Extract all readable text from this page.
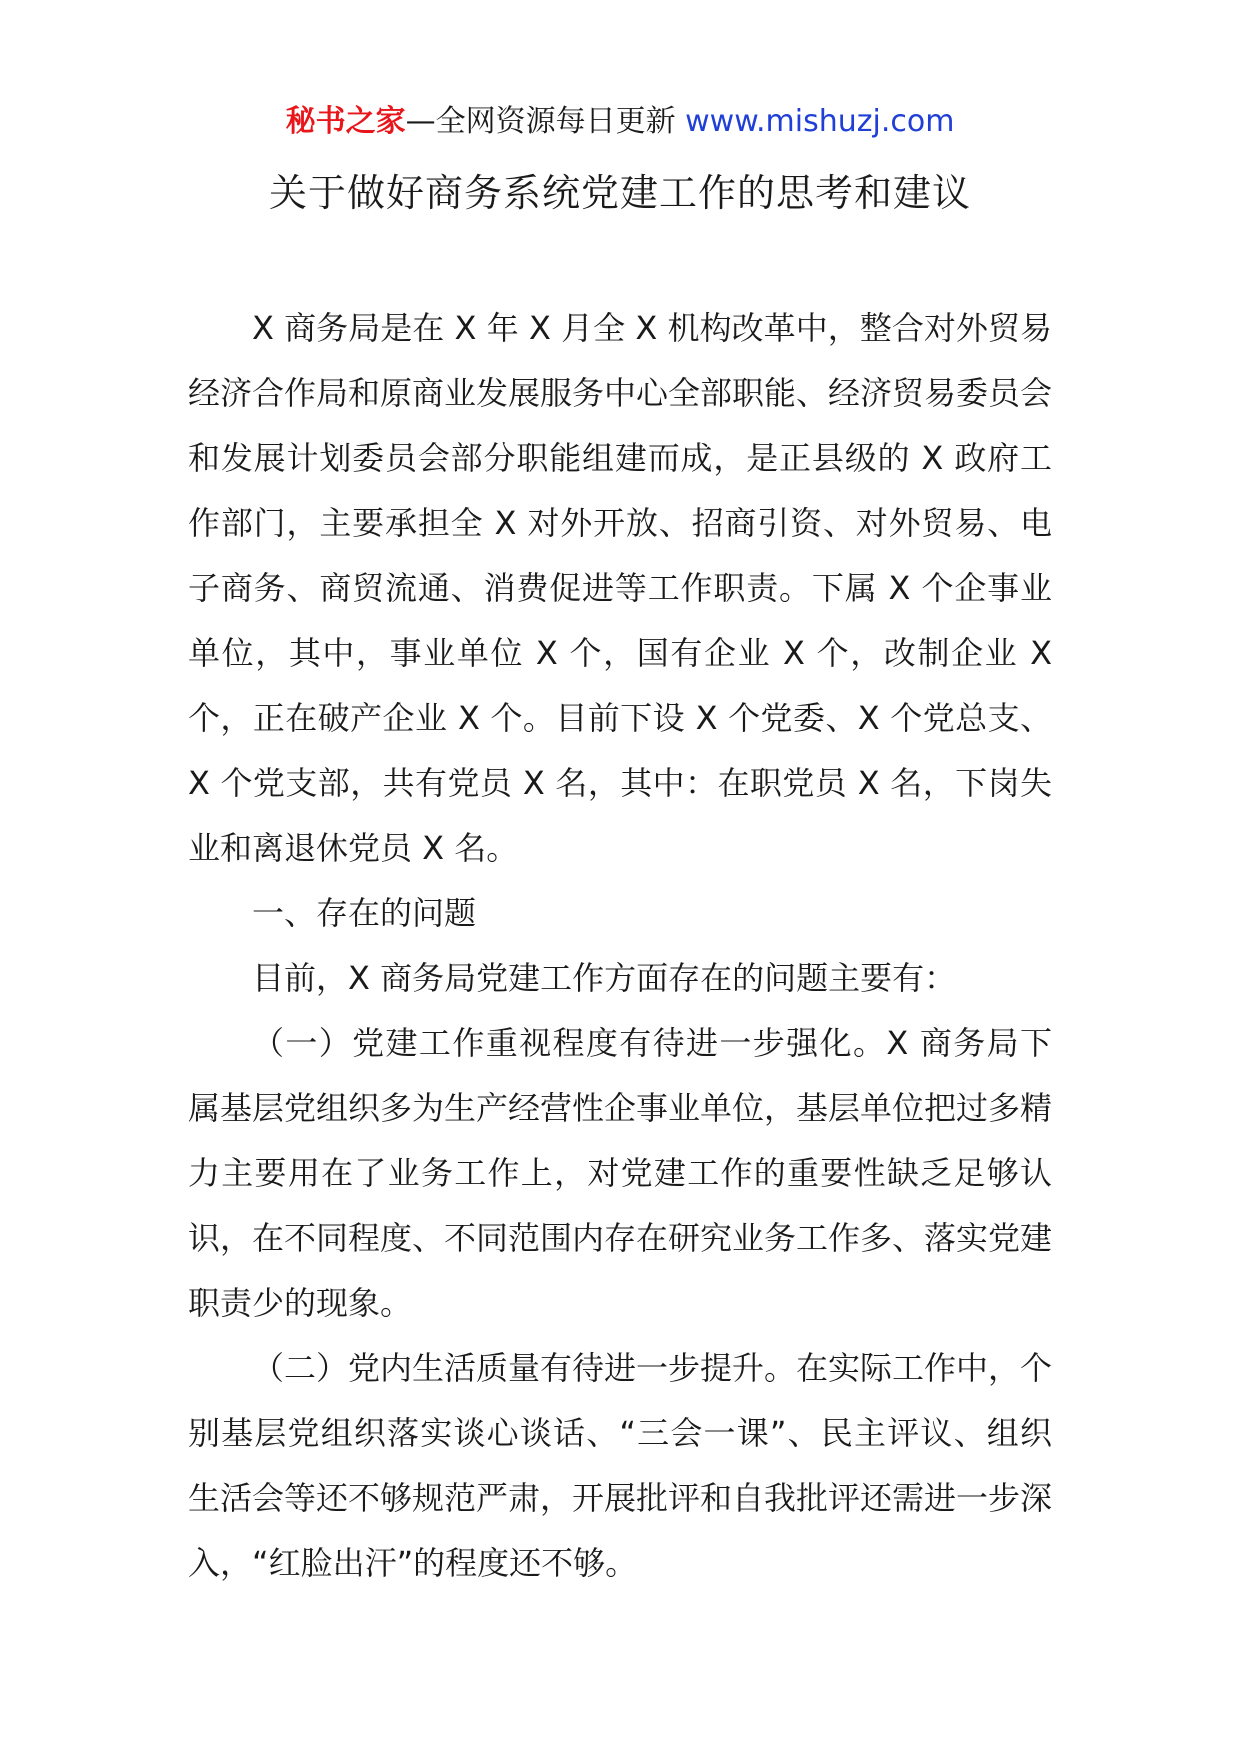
秘书之家—全网资源每日更新 www.mishuzj.com
关于做好商务系统党建工作的思考和建议

X 商务局是在 X 年 X 月全 X 机构改革中，整合对外贸易经济合作局和原商业发展服务中心全部职能、经济贸易委员会和发展计划委员会部分职能组建而成，是正县级的 X 政府工作部门，主要承担全 X 对外开放、招商引资、对外贸易、电子商务、商贸流通、消费促进等工作职责。下属 X 个企事业单位，其中，事业单位 X 个，国有企业 X 个，改制企业 X 个，正在破产企业 X 个。目前下设 X 个党委、X 个党总支、X 个党支部，共有党员 X 名，其中：在职党员 X 名，下岗失业和离退休党员 X 名。

一、存在的问题

目前，X 商务局党建工作方面存在的问题主要有：

（一）党建工作重视程度有待进一步强化。X 商务局下属基层党组织多为生产经营性企事业单位，基层单位把过多精力主要用在了业务工作上，对党建工作的重要性缺乏足够认识，在不同程度、不同范围内存在研究业务工作多、落实党建职责少的现象。

（二）党内生活质量有待进一步提升。在实际工作中，个别基层党组织落实谈心谈话、“三会一课”、民主评议、组织生活会等还不够规范严肃，开展批评和自我批评还需进一步深入，“红脸出汗”的程度还不够。
